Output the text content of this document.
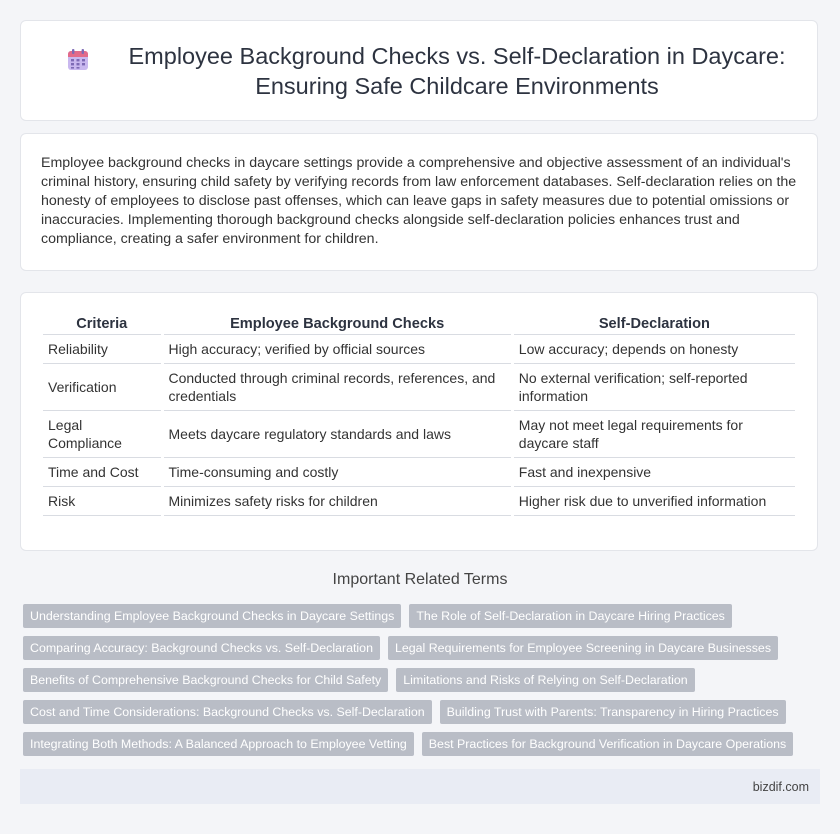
Employee Background Checks vs. Self-Declaration in Daycare: Ensuring Safe Childcare Environments

Employee background checks in daycare settings provide a comprehensive and objective assessment of an individual's criminal history, ensuring child safety by verifying records from law enforcement databases. Self-declaration relies on the honesty of employees to disclose past offenses, which can leave gaps in safety measures due to potential omissions or inaccuracies. Implementing thorough background checks alongside self-declaration policies enhances trust and compliance, creating a safer environment for children.

Criteria	Employee Background Checks	Self-Declaration
Reliability	High accuracy; verified by official sources	Low accuracy; depends on honesty
Verification	Conducted through criminal records, references, and credentials	No external verification; self-reported information
Legal Compliance	Meets daycare regulatory standards and laws	May not meet legal requirements for daycare staff
Time and Cost	Time-consuming and costly	Fast and inexpensive
Risk	Minimizes safety risks for children	Higher risk due to unverified information
Important Related Terms
Understanding Employee Background Checks in Daycare Settings	The Role of Self-Declaration in Daycare Hiring Practices
Comparing Accuracy: Background Checks vs. Self-Declaration	Legal Requirements for Employee Screening in Daycare Businesses
Benefits of Comprehensive Background Checks for Child Safety	Limitations and Risks of Relying on Self-Declaration
Cost and Time Considerations: Background Checks vs. Self-Declaration	Building Trust with Parents: Transparency in Hiring Practices
Integrating Both Methods: A Balanced Approach to Employee Vetting	Best Practices for Background Verification in Daycare Operations
bizdif.com
